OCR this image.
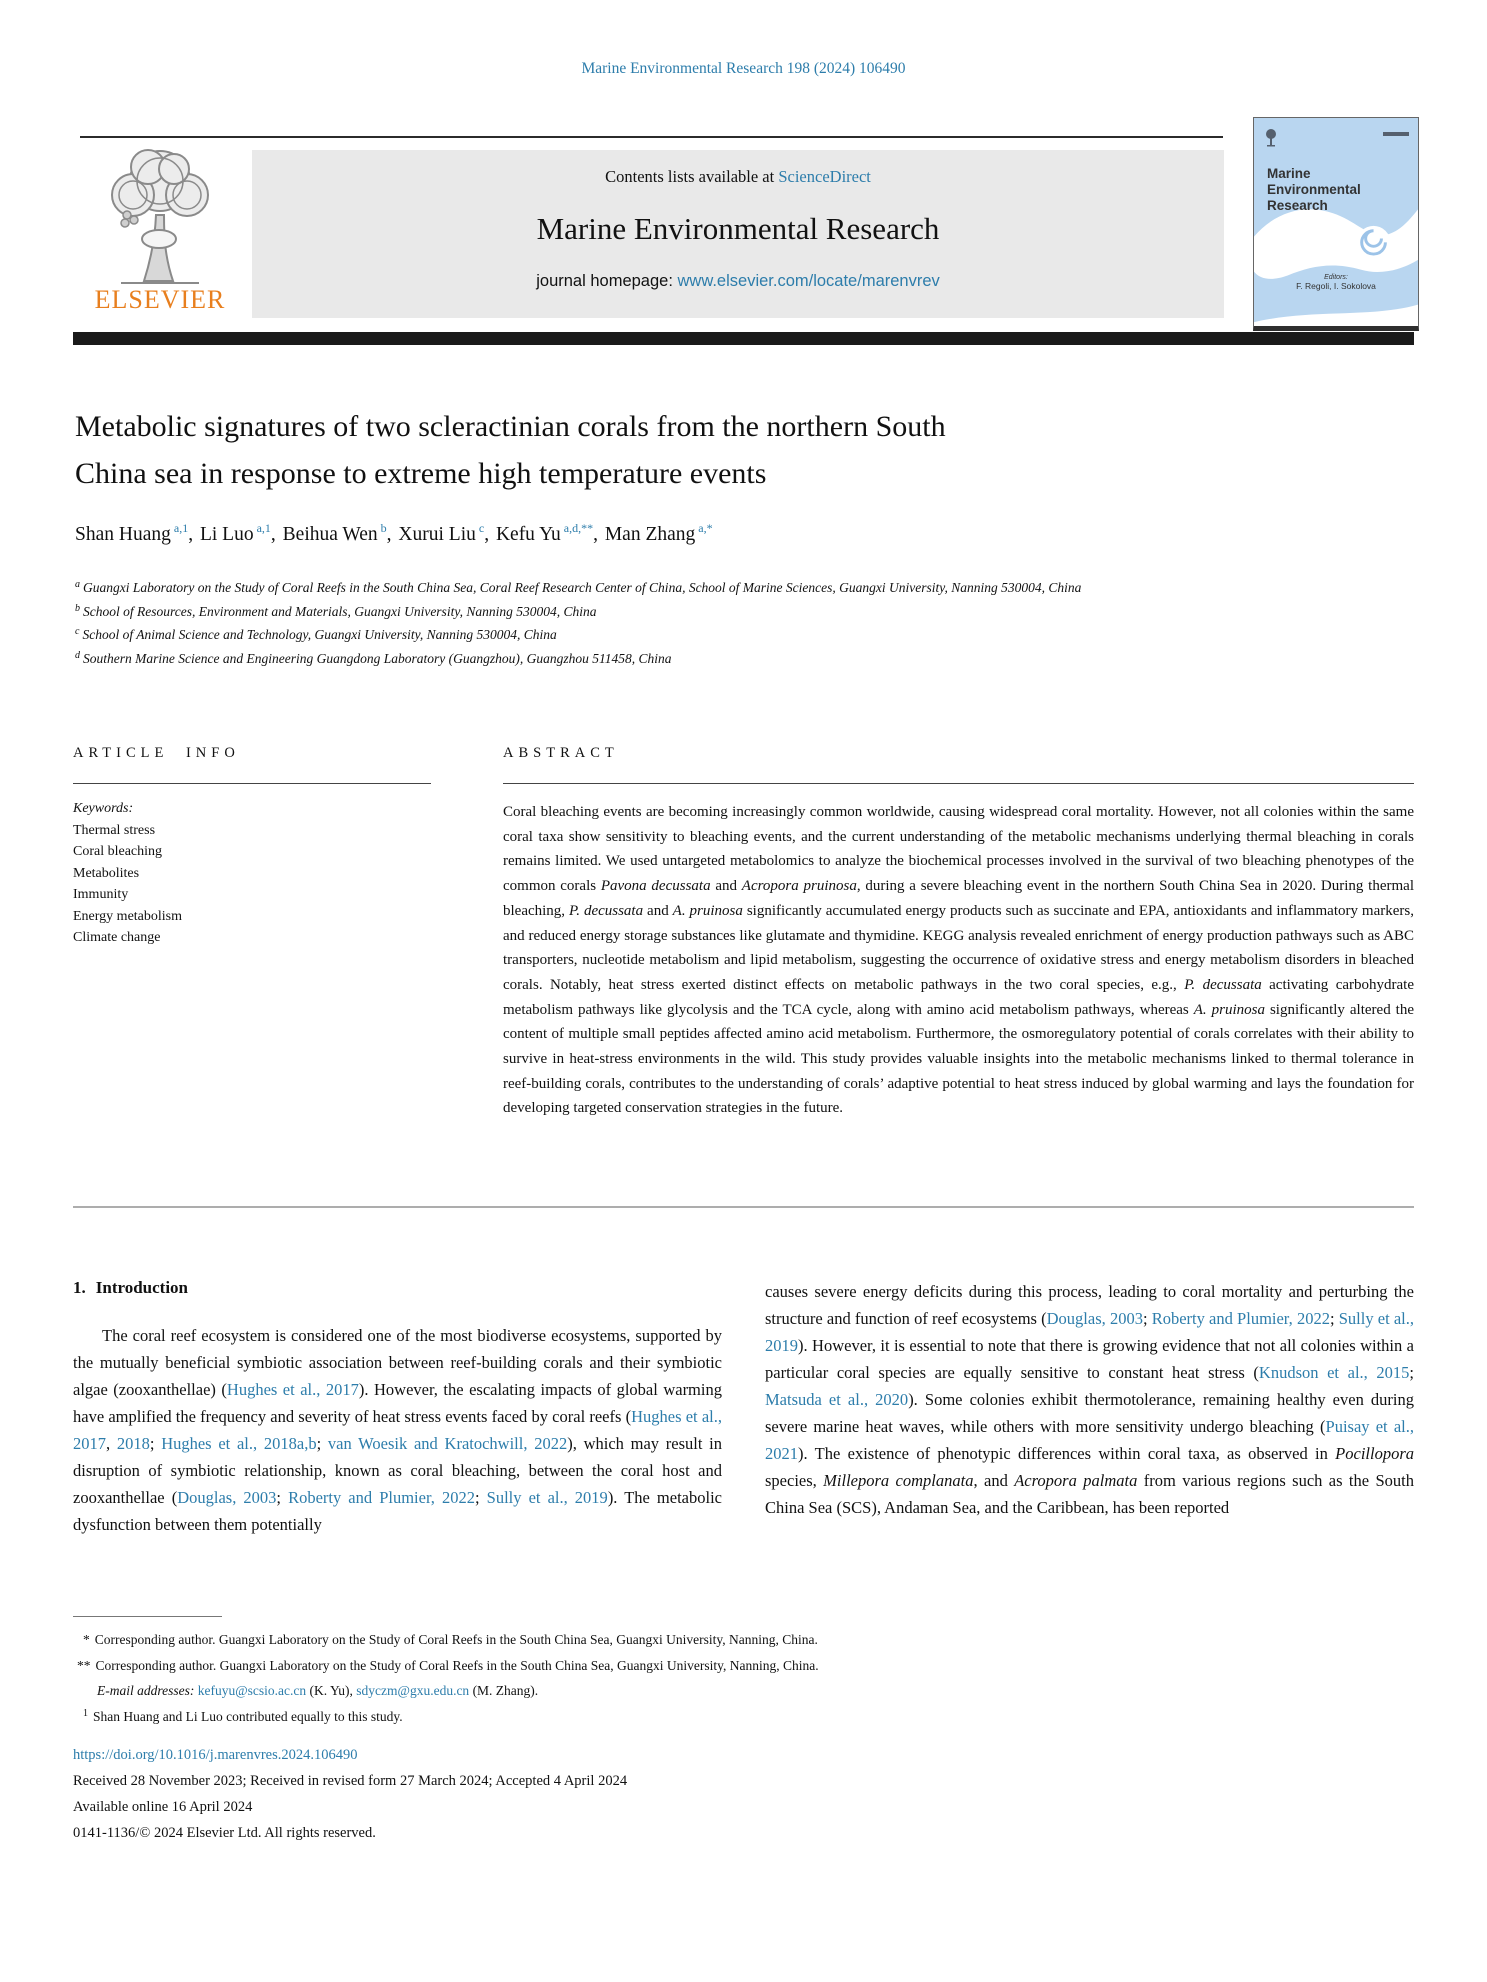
Marine Environmental Research 198 (2024) 106490
ELSEVIER
Contents lists available at ScienceDirect
Marine Environmental Research
journal homepage: www.elsevier.com/locate/marenvrev
Marine
Environmental
Research
Editors:
F. Regoli, I. Sokolova
Metabolic signatures of two scleractinian corals from the northern South
China sea in response to extreme high temperature events
Shan Huang $^{a,1}$, Li Luo $^{a,1}$, Beihua Wen $^b$, Xurui Liu $^c$, Kefu Yu $^{a,d,**}$, Man Zhang $^{a,*}$
$^a$ Guangxi Laboratory on the Study of Coral Reefs in the South China Sea, Coral Reef Research Center of China, School of Marine Sciences, Guangxi University, Nanning 530004, China
$^b$ School of Resources, Environment and Materials, Guangxi University, Nanning 530004, China
$^c$ School of Animal Science and Technology, Guangxi University, Nanning 530004, China
$^d$ Southern Marine Science and Engineering Guangdong Laboratory (Guangzhou), Guangzhou 511458, China
ARTICLE INFO
Keywords:
Thermal stress
Coral bleaching
Metabolites
Immunity
Energy metabolism
Climate change
ABSTRACT

Coral bleaching events are becoming increasingly common worldwide, causing widespread coral mortality. However, not all colonies within the same coral taxa show sensitivity to bleaching events, and the current understanding of the metabolic mechanisms underlying thermal bleaching in corals remains limited. We used untargeted metabolomics to analyze the biochemical processes involved in the survival of two bleaching phenotypes of the common corals Pavona decussata and Acropora pruinosa, during a severe bleaching event in the northern South China Sea in 2020. During thermal bleaching, P. decussata and A. pruinosa significantly accumulated energy products such as succinate and EPA, antioxidants and inflammatory markers, and reduced energy storage substances like glutamate and thymidine. KEGG analysis revealed enrichment of energy production pathways such as ABC transporters, nucleotide metabolism and lipid metabolism, suggesting the occurrence of oxidative stress and energy metabolism disorders in bleached corals. Notably, heat stress exerted distinct effects on metabolic pathways in the two coral species, e.g., P. decussata activating carbohydrate metabolism pathways like glycolysis and the TCA cycle, along with amino acid metabolism pathways, whereas A. pruinosa significantly altered the content of multiple small peptides affected amino acid metabolism. Furthermore, the osmoregulatory potential of corals correlates with their ability to survive in heat-stress environments in the wild. This study provides valuable insights into the metabolic mechanisms linked to thermal tolerance in reef-building corals, contributes to the understanding of corals’ adaptive potential to heat stress induced by global warming and lays the foundation for developing targeted conservation strategies in the future.

1. Introduction

The coral reef ecosystem is considered one of the most biodiverse ecosystems, supported by the mutually beneficial symbiotic association between reef-building corals and their symbiotic algae (zooxanthellae) (Hughes et al., 2017). However, the escalating impacts of global warming have amplified the frequency and severity of heat stress events faced by coral reefs (Hughes et al., 2017, 2018; Hughes et al., 2018a,b; van Woesik and Kratochwill, 2022), which may result in disruption of symbiotic relationship, known as coral bleaching, between the coral host and zooxanthellae (Douglas, 2003; Roberty and Plumier, 2022; Sully et al., 2019). The metabolic dysfunction between them potentially

causes severe energy deficits during this process, leading to coral mortality and perturbing the structure and function of reef ecosystems (Douglas, 2003; Roberty and Plumier, 2022; Sully et al., 2019). However, it is essential to note that there is growing evidence that not all colonies within a particular coral species are equally sensitive to constant heat stress (Knudson et al., 2015; Matsuda et al., 2020). Some colonies exhibit thermotolerance, remaining healthy even during severe marine heat waves, while others with more sensitivity undergo bleaching (Puisay et al., 2021). The existence of phenotypic differences within coral taxa, as observed in Pocillopora species, Millepora complanata, and Acropora palmata from various regions such as the South China Sea (SCS), Andaman Sea, and the Caribbean, has been reported

* Corresponding author. Guangxi Laboratory on the Study of Coral Reefs in the South China Sea, Guangxi University, Nanning, China.
** Corresponding author. Guangxi Laboratory on the Study of Coral Reefs in the South China Sea, Guangxi University, Nanning, China.
E-mail addresses: kefuyu@scsio.ac.cn (K. Yu), sdyczm@gxu.edu.cn (M. Zhang).
$^1$ Shan Huang and Li Luo contributed equally to this study.
https://doi.org/10.1016/j.marenvres.2024.106490
Received 28 November 2023; Received in revised form 27 March 2024; Accepted 4 April 2024
Available online 16 April 2024
0141-1136/© 2024 Elsevier Ltd. All rights reserved.
